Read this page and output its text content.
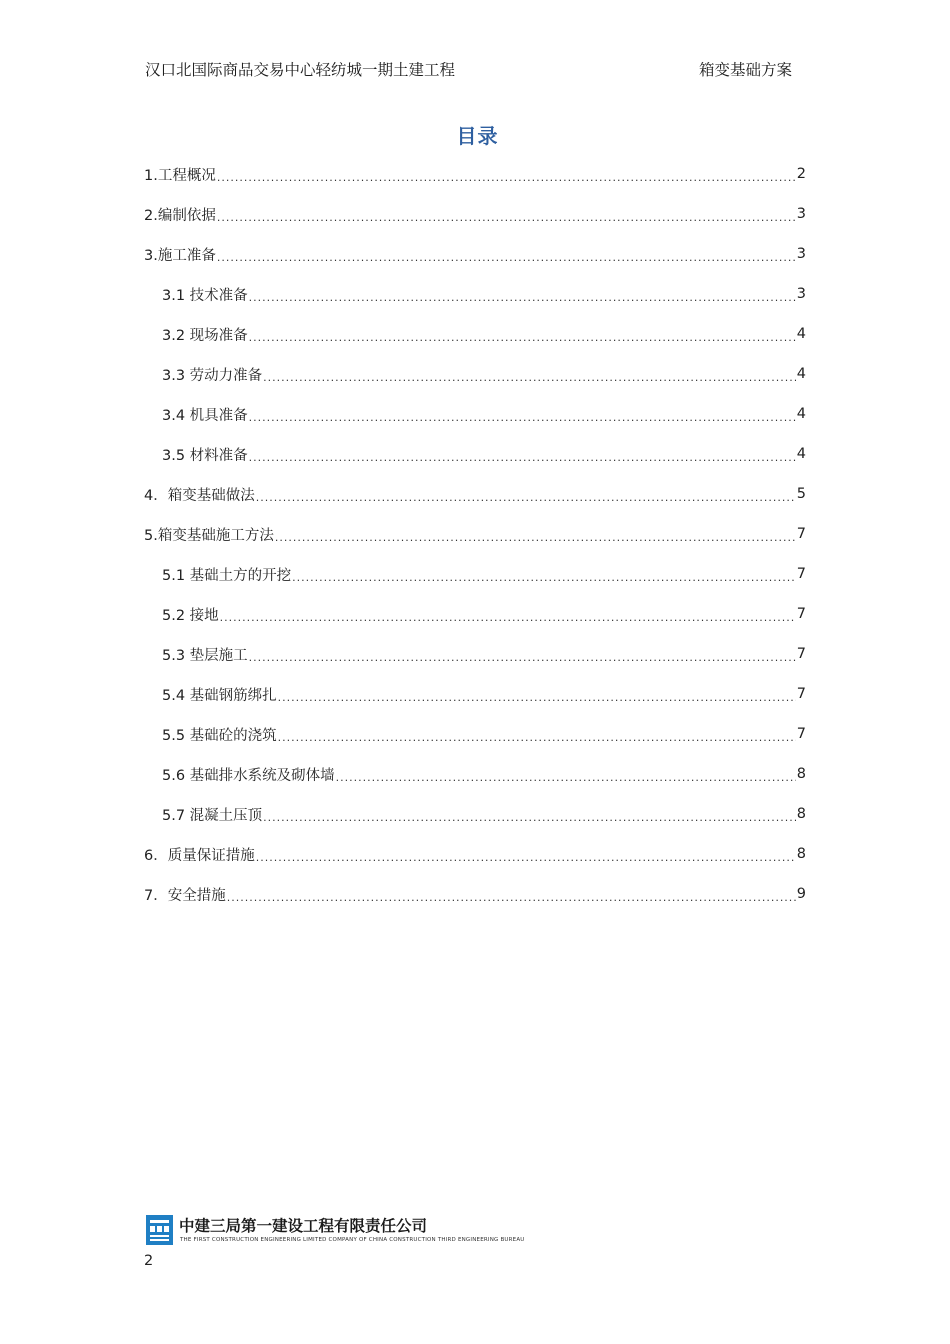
汉口北国际商品交易中心轻纺城一期土建工程	箱变基础方案
目录
1.工程概况 .....	2
2.编制依据 .....	3
3.施工准备 .....	3
3.1 技术准备 .....	3
3.2 现场准备 .....	4
3.3 劳动力准备 .....	4
3.4 机具准备 .....	4
3.5 材料准备 .....	4
4．箱变基础做法 .....	5
5.箱变基础施工方法 .....	7
5.1 基础土方的开挖 .....	7
5.2 接地 .....	7
5.3 垫层施工 .....	7
5.4 基础钢筋绑扎 .....	7
5.5 基础砼的浇筑 .....	7
5.6 基础排水系统及砌体墙 .....	8
5.7 混凝土压顶 .....	8
6．质量保证措施 .....	8
7．安全措施 .....	9
中建三局第一建设工程有限责任公司
THE FIRST CONSTRUCTION ENGINEERING LIMITED COMPANY OF CHINA CONSTRUCTION THIRD ENGINEERING BUREAU
2
